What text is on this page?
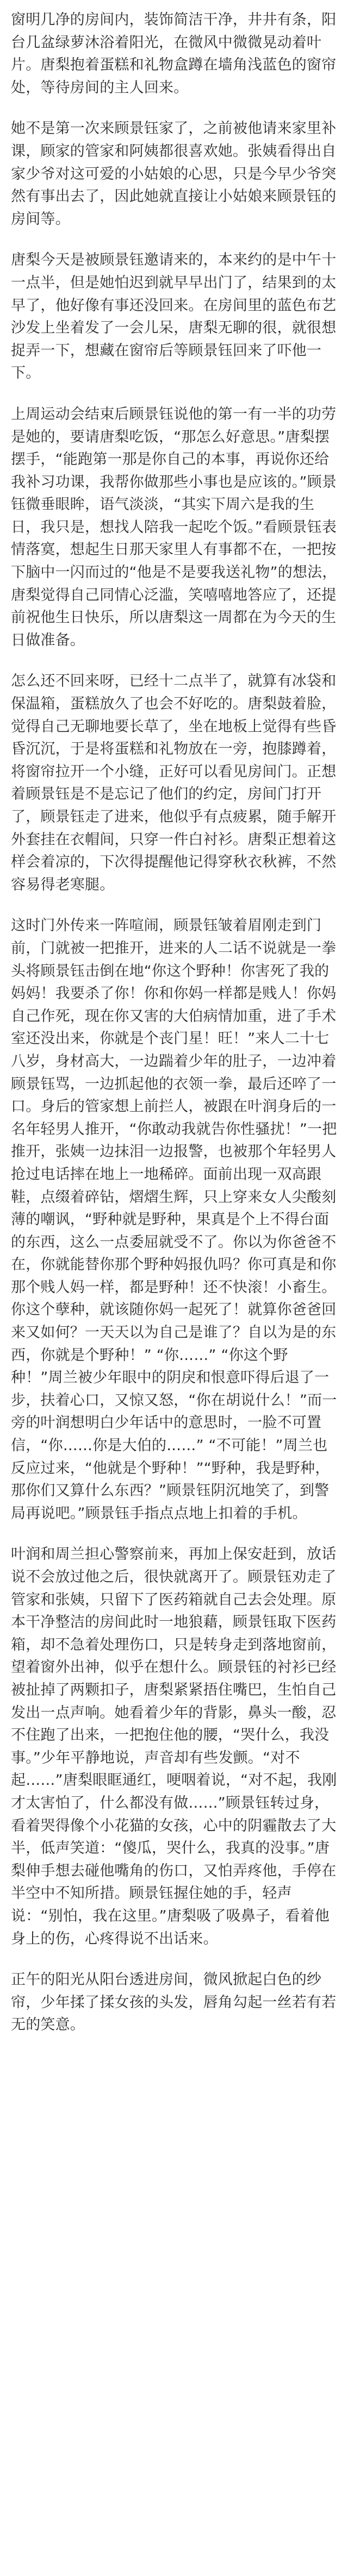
窗明几净的房间内，装饰简洁干净，井井有条，阳台几盆绿萝沐浴着阳光，在微风中微微晃动着叶片。唐梨抱着蛋糕和礼物盒蹲在墙角浅蓝色的窗帘处，等待房间的主人回来。

她不是第一次来顾景钰家了，之前被他请来家里补课，顾家的管家和阿姨都很喜欢她。张姨看得出自家少爷对这可爱的小姑娘的心思，只是今早少爷突然有事出去了，因此她就直接让小姑娘来顾景钰的房间等。

唐梨今天是被顾景钰邀请来的，本来约的是中午十一点半，但是她怕迟到就早早出门了，结果到的太早了，他好像有事还没回来。在房间里的蓝色布艺沙发上坐着发了一会儿呆，唐梨无聊的很，就很想捉弄一下，想藏在窗帘后等顾景钰回来了吓他一下。

上周运动会结束后顾景钰说他的第一有一半的功劳是她的，要请唐梨吃饭，“那怎么好意思。”唐梨摆摆手，“能跑第一那是你自己的本事，再说你还给我补习功课，我帮你做那些小事也是应该的。”顾景钰微垂眼眸，语气淡淡，“其实下周六是我的生日，我只是，想找人陪我一起吃个饭。”看顾景钰表情落寞，想起生日那天家里人有事都不在，一把按下脑中一闪而过的“他是不是要我送礼物”的想法，唐梨觉得自己同情心泛滥，笑嘻嘻地答应了，还提前祝他生日快乐，所以唐梨这一周都在为今天的生日做准备。

怎么还不回来呀，已经十二点半了，就算有冰袋和保温箱，蛋糕放久了也会不好吃的。唐梨鼓着脸，觉得自己无聊地要长草了，坐在地板上觉得有些昏昏沉沉，于是将蛋糕和礼物放在一旁，抱膝蹲着，将窗帘拉开一个小缝，正好可以看见房间门。正想着顾景钰是不是忘记了他们的约定，房间门打开了，顾景钰走了进来，他似乎有点疲累，随手解开外套挂在衣帽间，只穿一件白衬衫。唐梨正想着这样会着凉的，下次得提醒他记得穿秋衣秋裤，不然容易得老寒腿。

这时门外传来一阵喧闹，顾景钰皱着眉刚走到门前，门就被一把推开，进来的人二话不说就是一拳头将顾景钰击倒在地“你这个野种！你害死了我的妈妈！我要杀了你！你和你妈一样都是贱人！你妈自己作死，现在你又害的大伯病情加重，进了手术室还没出来，你就是个丧门星！旺！”来人二十七八岁，身材高大，一边踹着少年的肚子，一边冲着顾景钰骂，一边抓起他的衣领一拳，最后还啐了一口。身后的管家想上前拦人，被跟在叶润身后的一名年轻男人推开，“你敢动我就告你性骚扰！”一把推开，张姨一边抹泪一边报警，也被那个年轻男人抢过电话摔在地上一地稀碎。面前出现一双高跟鞋，点缀着碎钻，熠熠生辉，只上穿来女人尖酸刻薄的嘲讽，“野种就是野种，果真是个上不得台面的东西，这么一点委屈就受不了。你以为你爸爸不在，你就能替你那个野种妈报仇吗？你可真是和你那个贱人妈一样，都是野种！还不快滚！小畜生。你这个孽种，就该随你妈一起死了！就算你爸爸回来又如何？一天天以为自己是谁了？自以为是的东西，你就是个野种！” “你……” “你这个野种！”周兰被少年眼中的阴戾和恨意吓得后退了一步，扶着心口，又惊又怒，“你在胡说什么！”而一旁的叶润想明白少年话中的意思时，一脸不可置信，“你……你是大伯的……” “不可能！”周兰也反应过来，“他就是个野种！”“野种，我是野种，那你们又算什么东西？”顾景钰阴沉地笑了，到警局再说吧。”顾景钰手指点点地上扣着的手机。

叶润和周兰担心警察前来，再加上保安赶到，放话说不会放过他之后，很快就离开了。顾景钰劝走了管家和张姨，只留下了医药箱就自己去会处理。原本干净整洁的房间此时一地狼藉，顾景钰取下医药箱，却不急着处理伤口，只是转身走到落地窗前，望着窗外出神，似乎在想什么。顾景钰的衬衫已经被扯掉了两颗扣子，唐梨紧紧捂住嘴巴，生怕自己发出一点声响。她看着少年的背影，鼻头一酸，忍不住跑了出来，一把抱住他的腰，“哭什么，我没事。”少年平静地说，声音却有些发颤。“对不起……”唐梨眼眶通红，哽咽着说，“对不起，我刚才太害怕了，什么都没有做……”顾景钰转过身，看着哭得像个小花猫的女孩，心中的阴霾散去了大半，低声笑道：“傻瓜，哭什么，我真的没事。”唐梨伸手想去碰他嘴角的伤口，又怕弄疼他，手停在半空中不知所措。顾景钰握住她的手，轻声说：“别怕，我在这里。”唐梨吸了吸鼻子，看着他身上的伤，心疼得说不出话来。

正午的阳光从阳台透进房间，微风掀起白色的纱帘，少年揉了揉女孩的头发，唇角勾起一丝若有若无的笑意。
